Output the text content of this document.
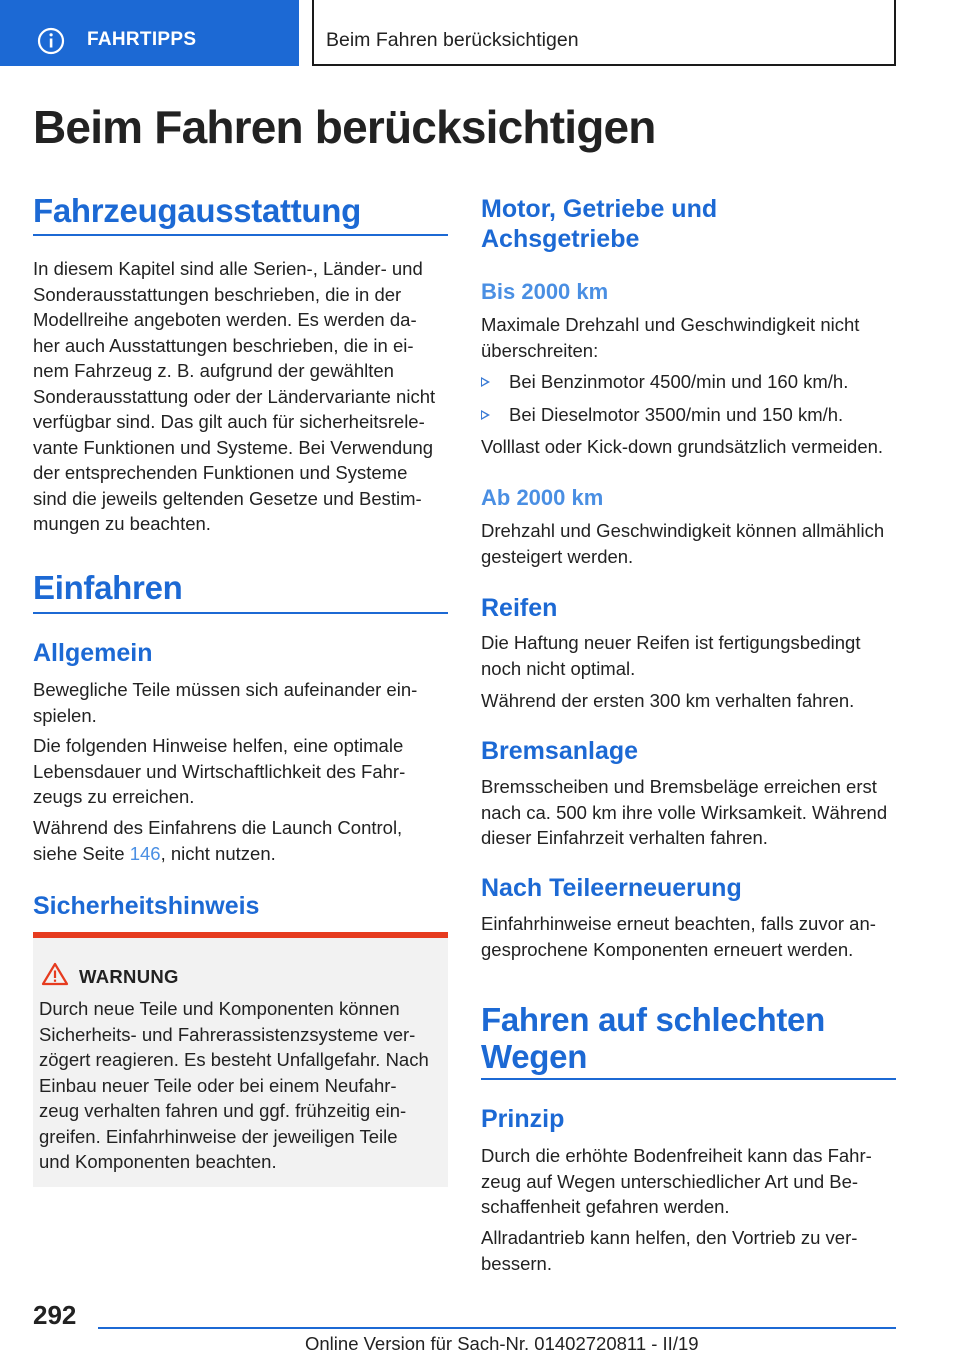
FAHRTIPPS	Beim Fahren berücksichtigen
Beim Fahren berücksichtigen
Fahrzeugausstattung
In diesem Kapitel sind alle Serien-, Länder- und
Sonderausstattungen beschrieben, die in der
Modellreihe angeboten werden. Es werden da‐
her auch Ausstattungen beschrieben, die in ei‐
nem Fahrzeug z. B. aufgrund der gewählten
Sonderausstattung oder der Ländervariante nicht
verfügbar sind. Das gilt auch für sicherheitsrele‐
vante Funktionen und Systeme. Bei Verwendung
der entsprechenden Funktionen und Systeme
sind die jeweils geltenden Gesetze und Bestim‐
mungen zu beachten.
Einfahren
Allgemein
Bewegliche Teile müssen sich aufeinander ein‐
spielen.
Die folgenden Hinweise helfen, eine optimale
Lebensdauer und Wirtschaftlichkeit des Fahr‐
zeugs zu erreichen.
Während des Einfahrens die Launch Control,
siehe Seite 146, nicht nutzen.
Sicherheitshinweis
WARNUNG
Durch neue Teile und Komponenten können
Sicherheits- und Fahrerassistenzsysteme ver‐
zögert reagieren. Es besteht Unfallgefahr. Nach
Einbau neuer Teile oder bei einem Neufahr‐
zeug verhalten fahren und ggf. frühzeitig ein‐
greifen. Einfahrhinweise der jeweiligen Teile
und Komponenten beachten.
Motor, Getriebe und
Achsgetriebe
Bis 2000 km
Maximale Drehzahl und Geschwindigkeit nicht
überschreiten:
Bei Benzinmotor 4500/min und 160 km/h.
Bei Dieselmotor 3500/min und 150 km/h.
Volllast oder Kick-down grundsätzlich vermeiden.
Ab 2000 km
Drehzahl und Geschwindigkeit können allmählich
gesteigert werden.
Reifen
Die Haftung neuer Reifen ist fertigungsbedingt
noch nicht optimal.
Während der ersten 300 km verhalten fahren.
Bremsanlage
Bremsscheiben und Bremsbeläge erreichen erst
nach ca. 500 km ihre volle Wirksamkeit. Während
dieser Einfahrzeit verhalten fahren.
Nach Teileerneuerung
Einfahrhinweise erneut beachten, falls zuvor an‐
gesprochene Komponenten erneuert werden.
Fahren auf schlechten
Wegen
Prinzip
Durch die erhöhte Bodenfreiheit kann das Fahr‐
zeug auf Wegen unterschiedlicher Art und Be‐
schaffenheit gefahren werden.
Allradantrieb kann helfen, den Vortrieb zu ver‐
bessern.
292
Online Version für Sach-Nr. 01402720811 - II/19
